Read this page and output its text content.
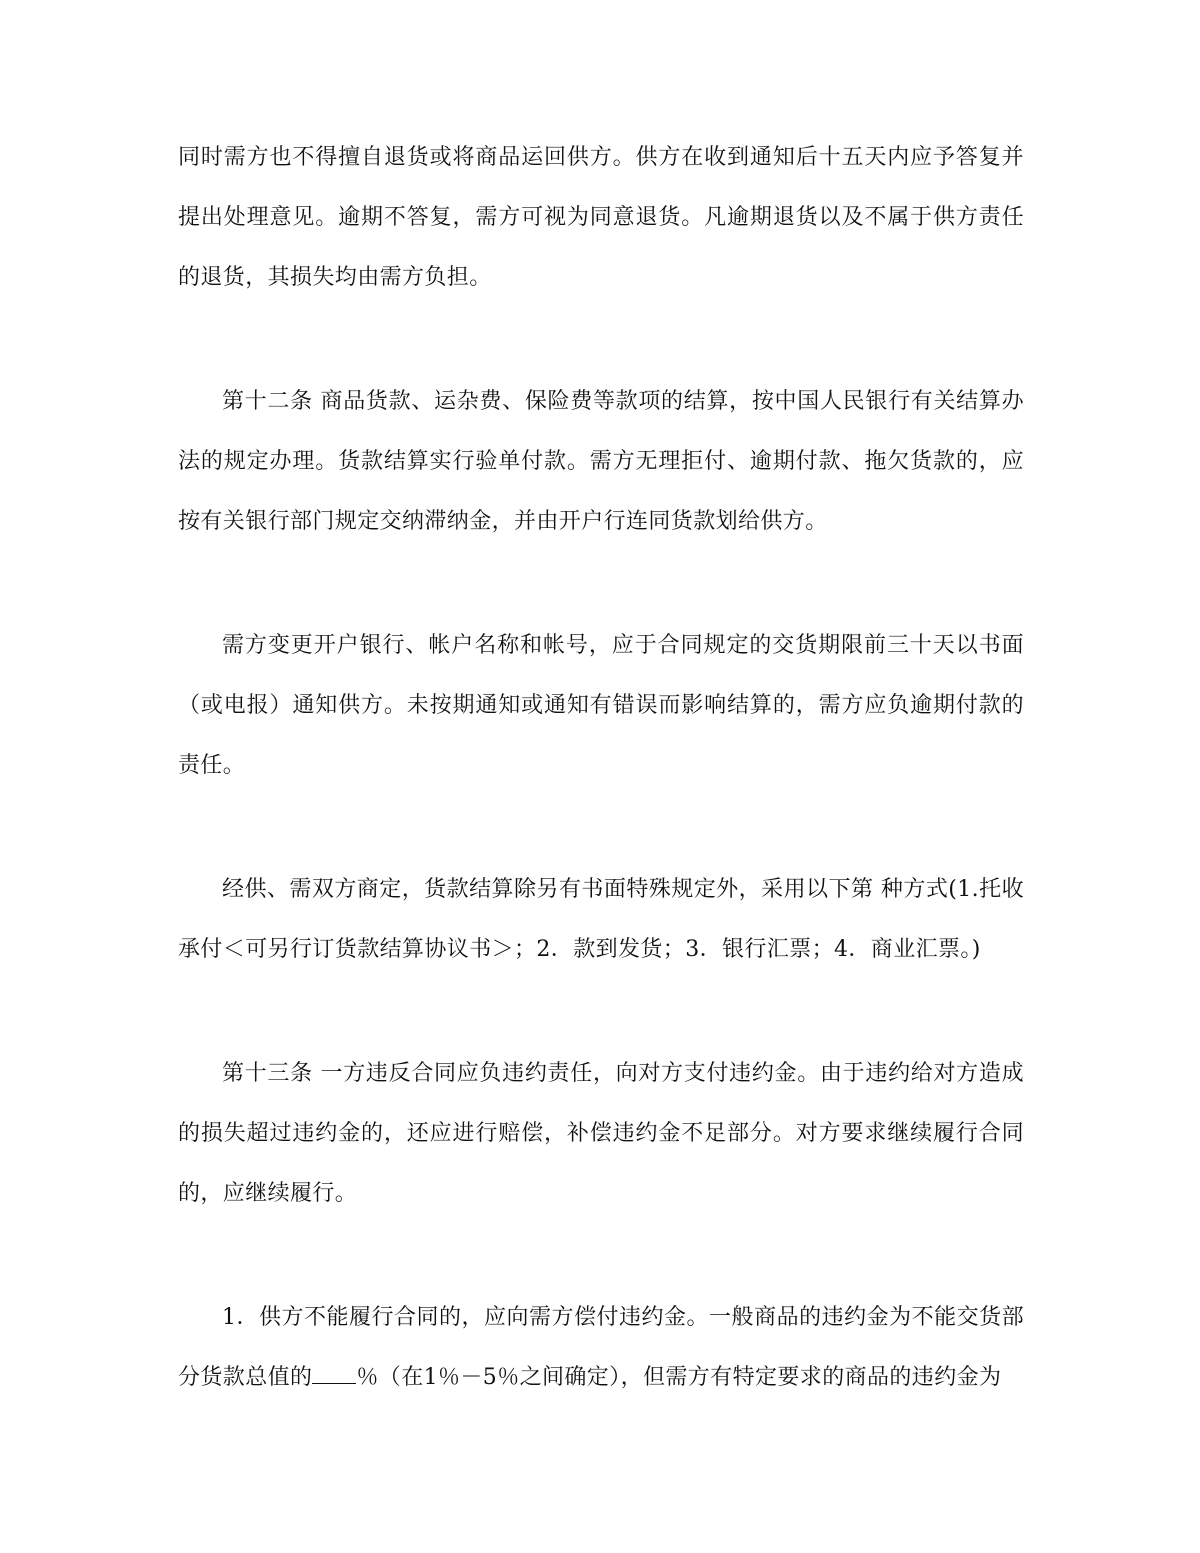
同时需方也不得擅自退货或将商品运回供方。供方在收到通知后十五天内应予答复并提出处理意见。逾期不答复，需方可视为同意退货。凡逾期退货以及不属于供方责任的退货，其损失均由需方负担。

第十二条 商品货款、运杂费、保险费等款项的结算，按中国人民银行有关结算办法的规定办理。货款结算实行验单付款。需方无理拒付、逾期付款、拖欠货款的，应按有关银行部门规定交纳滞纳金，并由开户行连同货款划给供方。

需方变更开户银行、帐户名称和帐号，应于合同规定的交货期限前三十天以书面（或电报）通知供方。未按期通知或通知有错误而影响结算的，需方应负逾期付款的责任。

经供、需双方商定，货款结算除另有书面特殊规定外，采用以下第 种方式(1.托收承付＜可另行订货款结算协议书＞；2．款到发货；3．银行汇票；4．商业汇票。)

第十三条 一方违反合同应负违约责任，向对方支付违约金。由于违约给对方造成的损失超过违约金的，还应进行赔偿，补偿违约金不足部分。对方要求继续履行合同的，应继续履行。

1．供方不能履行合同的，应向需方偿付违约金。一般商品的违约金为不能交货部分货款总值的 ％（在1％－5％之间确定），但需方有特定要求的商品的违约金为
